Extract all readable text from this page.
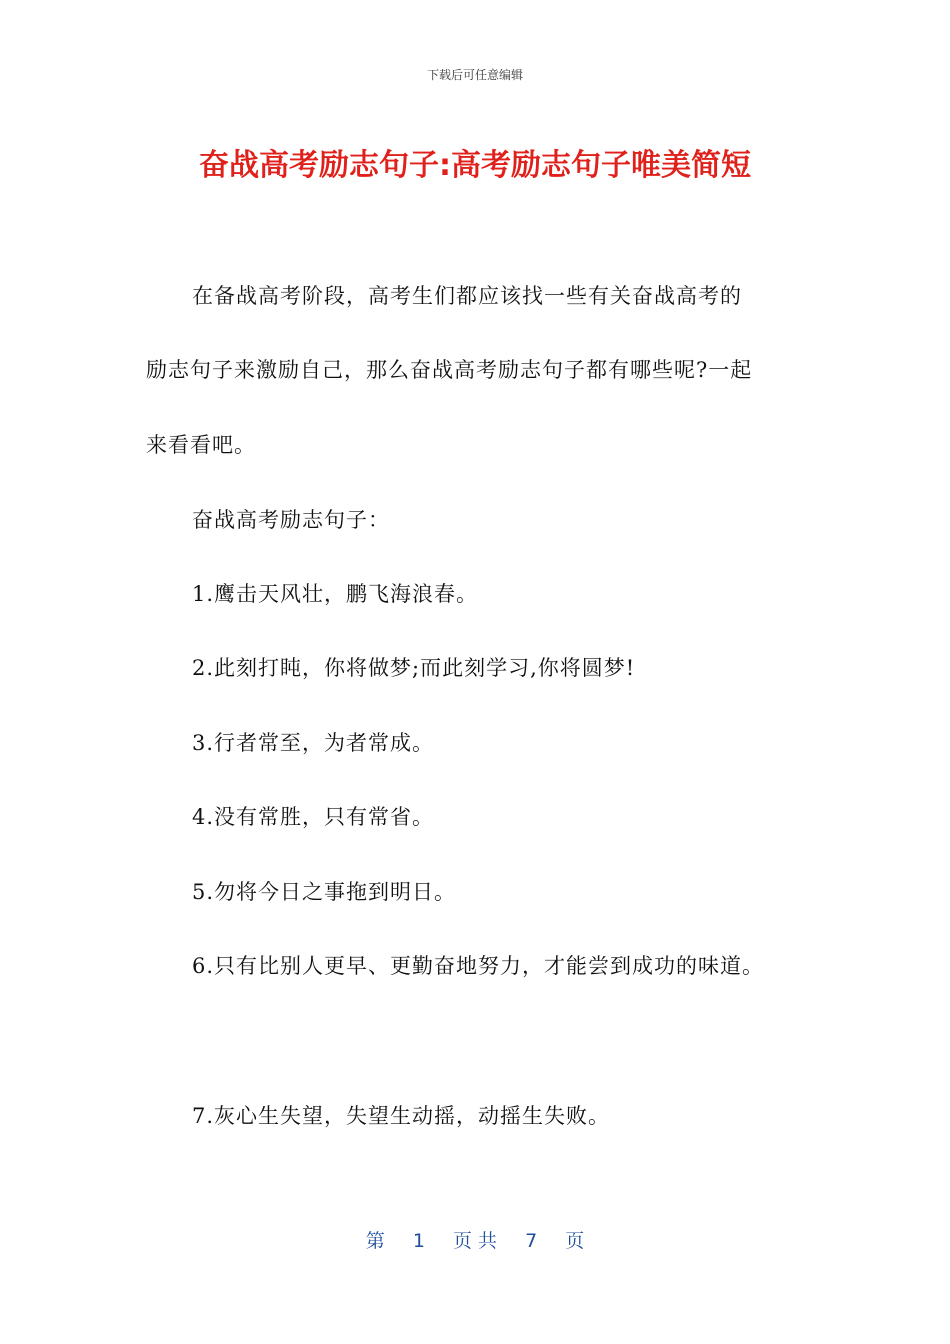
下载后可任意编辑
奋战高考励志句子:高考励志句子唯美简短
在备战高考阶段，高考生们都应该找一些有关奋战高考的
励志句子来激励自己，那么奋战高考励志句子都有哪些呢?一起
来看看吧。
奋战高考励志句子：
1.鹰击天风壮，鹏飞海浪春。
2.此刻打盹，你将做梦;而此刻学习,你将圆梦!
3.行者常至，为者常成。
4.没有常胜，只有常省。
5.勿将今日之事拖到明日。
6.只有比别人更早、更勤奋地努力，才能尝到成功的味道。
7.灰心生失望，失望生动摇，动摇生失败。
第 1 页 共 7 页
